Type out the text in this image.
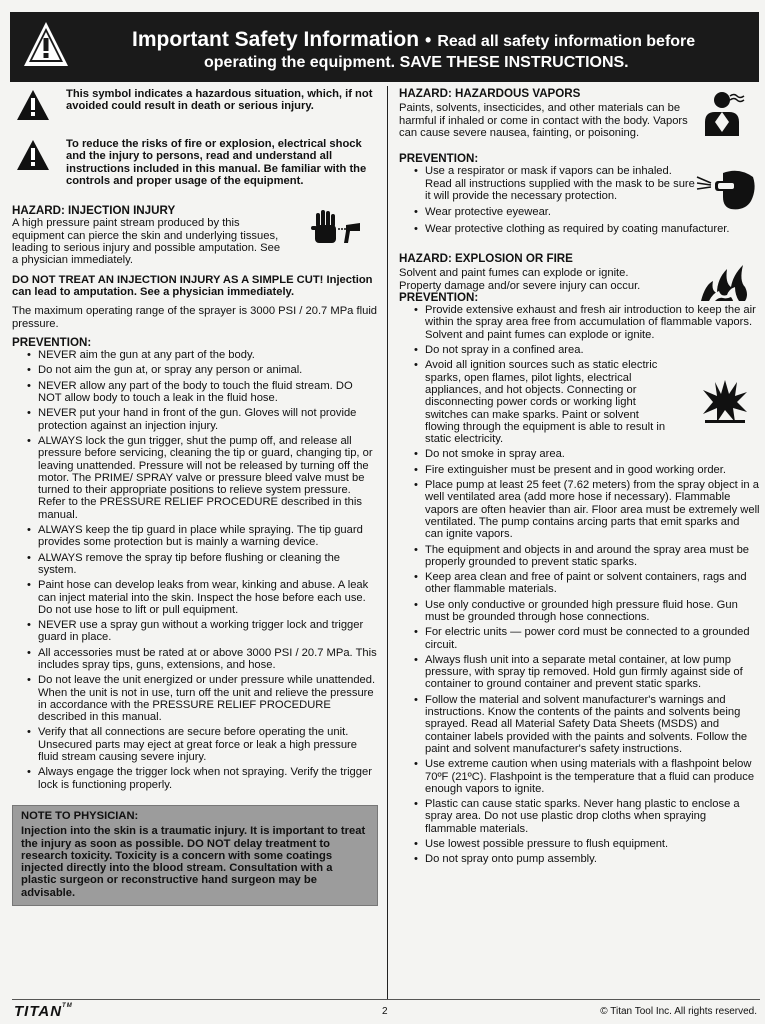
Important Safety Information • Read all safety information before
operating the equipment. SAVE THESE INSTRUCTIONS.
This symbol indicates a hazardous situation, which, if not avoided could result in death or serious injury.
To reduce the risks of fire or explosion, electrical shock and the injury to persons, read and understand all instructions included in this manual. Be familiar with the controls and proper usage of the equipment.
HAZARD: INJECTION INJURY

A high pressure paint stream produced by this equipment can pierce the skin and underlying tissues, leading to serious injury and possible amputation. See a physician immediately.

DO NOT TREAT AN INJECTION INJURY AS A SIMPLE CUT! Injection can lead to amputation. See a physician immediately.

The maximum operating range of the sprayer is 3000 PSI / 20.7 MPa fluid pressure.

PREVENTION:
• NEVER aim the gun at any part of the body.
• Do not aim the gun at, or spray any person or animal.
• NEVER allow any part of the body to touch the fluid stream. DO NOT allow body to touch a leak in the fluid hose.
• NEVER put your hand in front of the gun. Gloves will not provide protection against an injection injury.
• ALWAYS lock the gun trigger, shut the pump off, and release all pressure before servicing, cleaning the tip or guard, changing tip, or leaving unattended. Pressure will not be released by turning off the motor. The PRIME/ SPRAY valve or pressure bleed valve must be turned to their appropriate positions to relieve system pressure. Refer to the PRESSURE RELIEF PROCEDURE described in this manual.
• ALWAYS keep the tip guard in place while spraying. The tip guard provides some protection but is mainly a warning device.
• ALWAYS remove the spray tip before flushing or cleaning the system.
• Paint hose can develop leaks from wear, kinking and abuse. A leak can inject material into the skin. Inspect the hose before each use. Do not use hose to lift or pull equipment.
• NEVER use a spray gun without a working trigger lock and trigger guard in place.
• All accessories must be rated at or above 3000 PSI / 20.7 MPa. This includes spray tips, guns, extensions, and hose.
• Do not leave the unit energized or under pressure while unattended. When the unit is not in use, turn off the unit and relieve the pressure in accordance with the PRESSURE RELIEF PROCEDURE described in this manual.
• Verify that all connections are secure before operating the unit. Unsecured parts may eject at great force or leak a high pressure fluid stream causing severe injury.
• Always engage the trigger lock when not spraying. Verify the trigger lock is functioning properly.
NOTE TO PHYSICIAN:
Injection into the skin is a traumatic injury. It is important to treat the injury as soon as possible. DO NOT delay treatment to research toxicity. Toxicity is a concern with some coatings injected directly into the blood stream. Consultation with a plastic surgeon or reconstructive hand surgeon may be advisable.
HAZARD: HAZARDOUS VAPORS

Paints, solvents, insecticides, and other materials can be harmful if inhaled or come in contact with the body. Vapors can cause severe nausea, fainting, or poisoning.

PREVENTION:
• Use a respirator or mask if vapors can be inhaled. Read all instructions supplied with the mask to be sure it will provide the necessary protection.
• Wear protective eyewear.
• Wear protective clothing as required by coating manufacturer.
HAZARD: EXPLOSION OR FIRE

Solvent and paint fumes can explode or ignite. Property damage and/or severe injury can occur.

PREVENTION:
• Provide extensive exhaust and fresh air introduction to keep the air within the spray area free from accumulation of flammable vapors. Solvent and paint fumes can explode or ignite.
• Do not spray in a confined area.
• Avoid all ignition sources such as static electric sparks, open flames, pilot lights, electrical appliances, and hot objects. Connecting or disconnecting power cords or working light switches can make sparks. Paint or solvent flowing through the equipment is able to result in static electricity.
• Do not smoke in spray area.
• Fire extinguisher must be present and in good working order.
• Place pump at least 25 feet (7.62 meters) from the spray object in a well ventilated area (add more hose if necessary). Flammable vapors are often heavier than air. Floor area must be extremely well ventilated. The pump contains arcing parts that emit sparks and can ignite vapors.
• The equipment and objects in and around the spray area must be properly grounded to prevent static sparks.
• Keep area clean and free of paint or solvent containers, rags and other flammable materials.
• Use only conductive or grounded high pressure fluid hose. Gun must be grounded through hose connections.
• For electric units — power cord must be connected to a grounded circuit.
• Always flush unit into a separate metal container, at low pump pressure, with spray tip removed. Hold gun firmly against side of container to ground container and prevent static sparks.
• Follow the material and solvent manufacturer's warnings and instructions. Know the contents of the paints and solvents being sprayed. Read all Material Safety Data Sheets (MSDS) and container labels provided with the paints and solvents. Follow the paint and solvent manufacturer's safety instructions.
• Use extreme caution when using materials with a flashpoint below 70ºF (21ºC). Flashpoint is the temperature that a fluid can produce enough vapors to ignite.
• Plastic can cause static sparks. Never hang plastic to enclose a spray area. Do not use plastic drop cloths when spraying flammable materials.
• Use lowest possible pressure to flush equipment.
• Do not spray onto pump assembly.
TITAN™	2	© Titan Tool Inc. All rights reserved.
